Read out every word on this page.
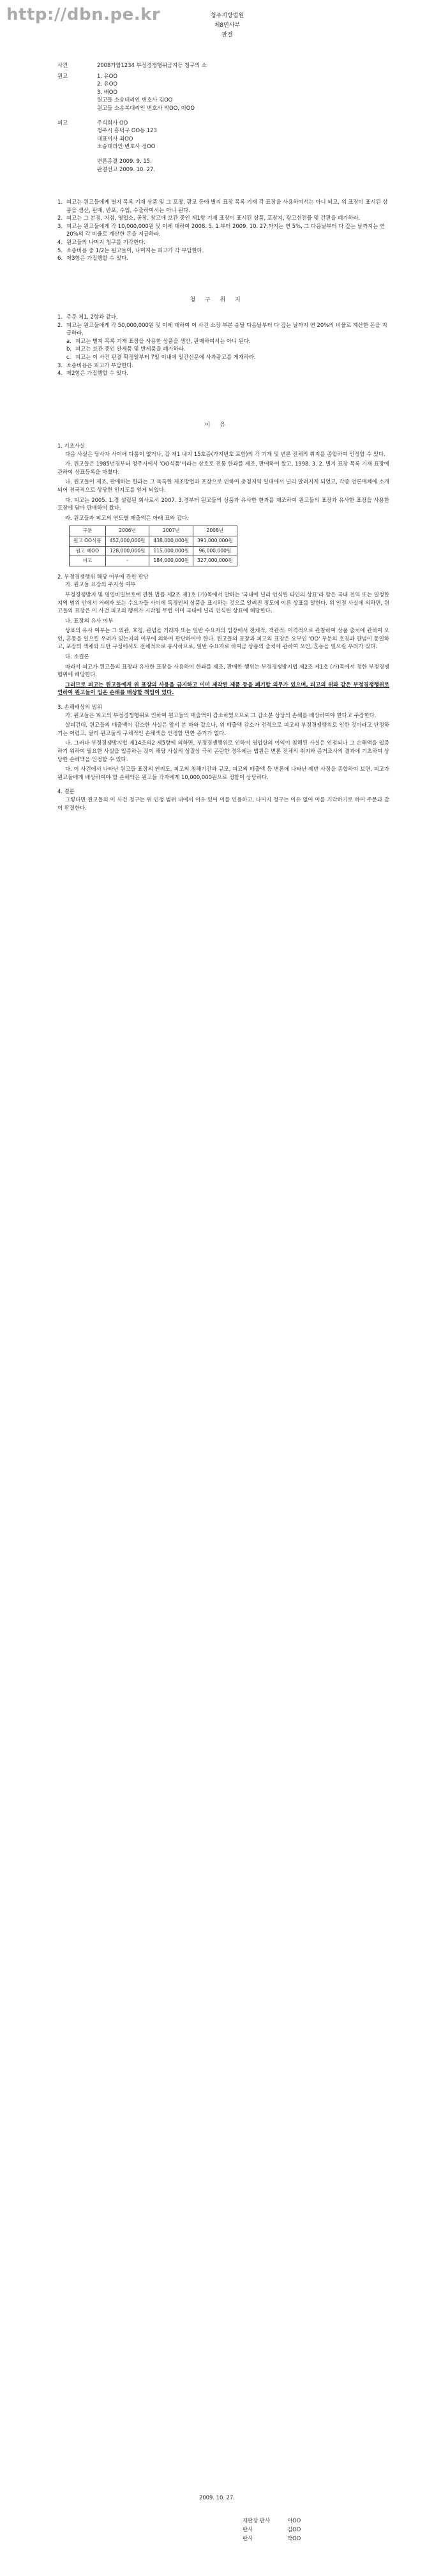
http://dbn.pe.kr	청주지방법원
제8민사부
판결
사건	2008가합1234 부정경쟁행위금지등 청구의 소
원고	1. 유OO
2. 유OO
3. 배OO
원고들 소송대리인 변호사 김OO
원고들 소송복대리인 변호사 박OO, 이OO
피고	주식회사 OO
청주시 흥덕구 OO동 123
대표이사 최OO
소송대리인 변호사 정OO
변론종결 2009. 9. 15.
판결선고 2009. 10. 27.
1. 피고는 원고들에게 별지 목록 기재 상품 및 그 포장, 광고 등에 별지 표장 목록 기재 각 표장을 사용하여서는 아니 되고, 위 표장이 표시된 상품을 생산, 판매, 반포, 수입, 수출하여서는 아니 된다.
2. 피고는 그 본점, 지점, 영업소, 공장, 창고에 보관 중인 제1항 기재 표장이 표시된 상품, 포장지, 광고선전물 및 간판을 폐기하라.
3. 피고는 원고들에게 각 10,000,000원 및 이에 대하여 2008. 5. 1.부터 2009. 10. 27.까지는 연 5%, 그 다음날부터 다 갚는 날까지는 연 20%의 각 비율로 계산한 돈을 지급하라.
4. 원고들의 나머지 청구를 기각한다.
5. 소송비용 중 1/2는 원고들이, 나머지는 피고가 각 부담한다.
6. 제3항은 가집행할 수 있다.
청 구 취 지
1. 주문 제1, 2항과 같다.
2. 피고는 원고들에게 각 50,000,000원 및 이에 대하여 이 사건 소장 부본 송달 다음날부터 다 갚는 날까지 연 20%의 비율로 계산한 돈을 지급하라.
a. 피고는 별지 목록 기재 표장을 사용한 상품을 생산, 판매하여서는 아니 된다.
b. 피고는 보관 중인 완제품 및 반제품을 폐기하라.
c. 피고는 이 사건 판결 확정일부터 7일 이내에 일간신문에 사과광고를 게재하라.
3. 소송비용은 피고가 부담한다.
4. 제2항은 가집행할 수 있다.
이 유
1. 기초사실

다음 사실은 당사자 사이에 다툼이 없거나, 갑 제1 내지 15호증(가지번호 포함)의 각 기재 및 변론 전체의 취지를 종합하여 인정할 수 있다.

가. 원고들은 1985년경부터 청주시에서 'OO식품'이라는 상호로 전통 한과를 제조, 판매하여 왔고, 1998. 3. 2. 별지 표장 목록 기재 표장에 관하여 상표등록을 마쳤다.

나. 원고들이 제조, 판매하는 한과는 그 독특한 제조방법과 포장으로 인하여 충청지역 일대에서 널리 알려지게 되었고, 각종 언론매체에 소개되어 전국적으로 상당한 인지도를 얻게 되었다.

다. 피고는 2005. 1.경 설립된 회사로서 2007. 3.경부터 원고들의 상품과 유사한 한과를 제조하여 원고들의 표장과 유사한 표장을 사용한 포장에 담아 판매하여 왔다.

라. 원고들과 피고의 연도별 매출액은 아래 표와 같다.

구분	2006년	2007년	2008년
원고 OO식품	452,000,000원	438,000,000원	391,000,000원
원고 배OO	128,000,000원	115,000,000원	96,000,000원
피고	-	184,000,000원	327,000,000원
2. 부정경쟁행위 해당 여부에 관한 판단

가. 원고들 표장의 주지성 여부

부정경쟁방지 및 영업비밀보호에 관한 법률 제2조 제1호 (가)목에서 말하는 '국내에 널리 인식된 타인의 상표'라 함은 국내 전역 또는 일정한 지역 범위 안에서 거래자 또는 수요자들 사이에 특정인의 상품을 표시하는 것으로 알려진 정도에 이른 상표를 말한다. 위 인정 사실에 의하면, 원고들의 표장은 이 사건 피고의 행위가 시작될 무렵 이미 국내에 널리 인식된 상표에 해당한다.

나. 표장의 유사 여부

상표의 유사 여부는 그 외관, 호칭, 관념을 거래자 또는 일반 수요자의 입장에서 전체적, 객관적, 이격적으로 관찰하여 상품 출처에 관하여 오인, 혼동을 일으킬 우려가 있는지의 여부에 의하여 판단하여야 한다. 원고들의 표장과 피고의 표장은 요부인 'OO' 부분의 호칭과 관념이 동일하고, 포장의 색채와 도안 구성에서도 전체적으로 유사하므로, 일반 수요자로 하여금 상품의 출처에 관하여 오인, 혼동을 일으킬 우려가 있다.

다. 소결론

따라서 피고가 원고들의 표장과 유사한 표장을 사용하여 한과를 제조, 판매한 행위는 부정경쟁방지법 제2조 제1호 (가)목에서 정한 부정경쟁행위에 해당한다.

그러므로 피고는 원고들에게 위 표장의 사용을 금지하고 이미 제작된 제품 등을 폐기할 의무가 있으며, 피고의 위와 같은 부정경쟁행위로 인하여 원고들이 입은 손해를 배상할 책임이 있다.

3. 손해배상의 범위

가. 원고들은 피고의 부정경쟁행위로 인하여 원고들의 매출액이 감소하였으므로 그 감소분 상당의 손해를 배상하여야 한다고 주장한다.

살피건대, 원고들의 매출액이 감소한 사실은 앞서 본 바와 같으나, 위 매출액 감소가 전적으로 피고의 부정경쟁행위로 인한 것이라고 단정하기는 어렵고, 달리 원고들의 구체적인 손해액을 인정할 만한 증거가 없다.

나. 그러나 부정경쟁방지법 제14조의2 제5항에 의하면, 부정경쟁행위로 인하여 영업상의 이익이 침해된 사실은 인정되나 그 손해액을 입증하기 위하여 필요한 사실을 입증하는 것이 해당 사실의 성질상 극히 곤란한 경우에는 법원은 변론 전체의 취지와 증거조사의 결과에 기초하여 상당한 손해액을 인정할 수 있다.

다. 이 사건에서 나타난 원고들 표장의 인지도, 피고의 침해기간과 규모, 피고의 매출액 등 변론에 나타난 제반 사정을 종합하여 보면, 피고가 원고들에게 배상하여야 할 손해액은 원고들 각자에게 10,000,000원으로 정함이 상당하다.

4. 결론

그렇다면 원고들의 이 사건 청구는 위 인정 범위 내에서 이유 있어 이를 인용하고, 나머지 청구는 이유 없어 이를 기각하기로 하여 주문과 같이 판결한다.

2009. 10. 27.
재판장 판사	이OO
판사	김OO
판사	박OO
